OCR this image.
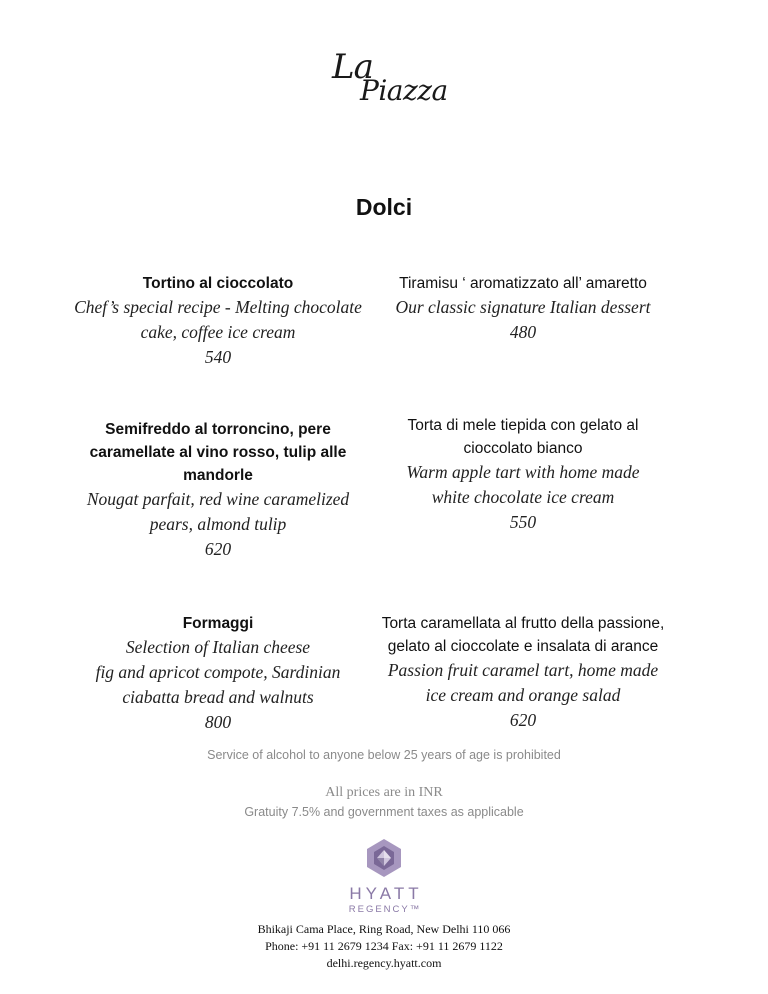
La
Piazza
Dolci
Tortino al cioccolato
Chef’s special recipe - Melting chocolate
cake, coffee ice cream
540
Tiramisu ‘ aromatizzato all’ amaretto
Our classic signature Italian dessert
480
Semifreddo al torroncino, pere
caramellate al vino rosso, tulip alle
mandorle
Nougat parfait, red wine caramelized
pears, almond tulip
620
Torta di mele tiepida con gelato al
cioccolato bianco
Warm apple tart with home made
white chocolate ice cream
550
Formaggi
Selection of Italian cheese
fig and apricot compote, Sardinian
ciabatta bread and walnuts
800
Torta caramellata al frutto della passione,
gelato al cioccolate e insalata di arance
Passion fruit caramel tart, home made
ice cream and orange salad
620
Service of alcohol to anyone below 25 years of age is prohibited
All prices are in INR
Gratuity 7.5% and government taxes as applicable
HYATT
REGENCY™
Bhikaji Cama Place, Ring Road, New Delhi 110 066
Phone: +91 11 2679 1234 Fax: +91 11 2679 1122
delhi.regency.hyatt.com
